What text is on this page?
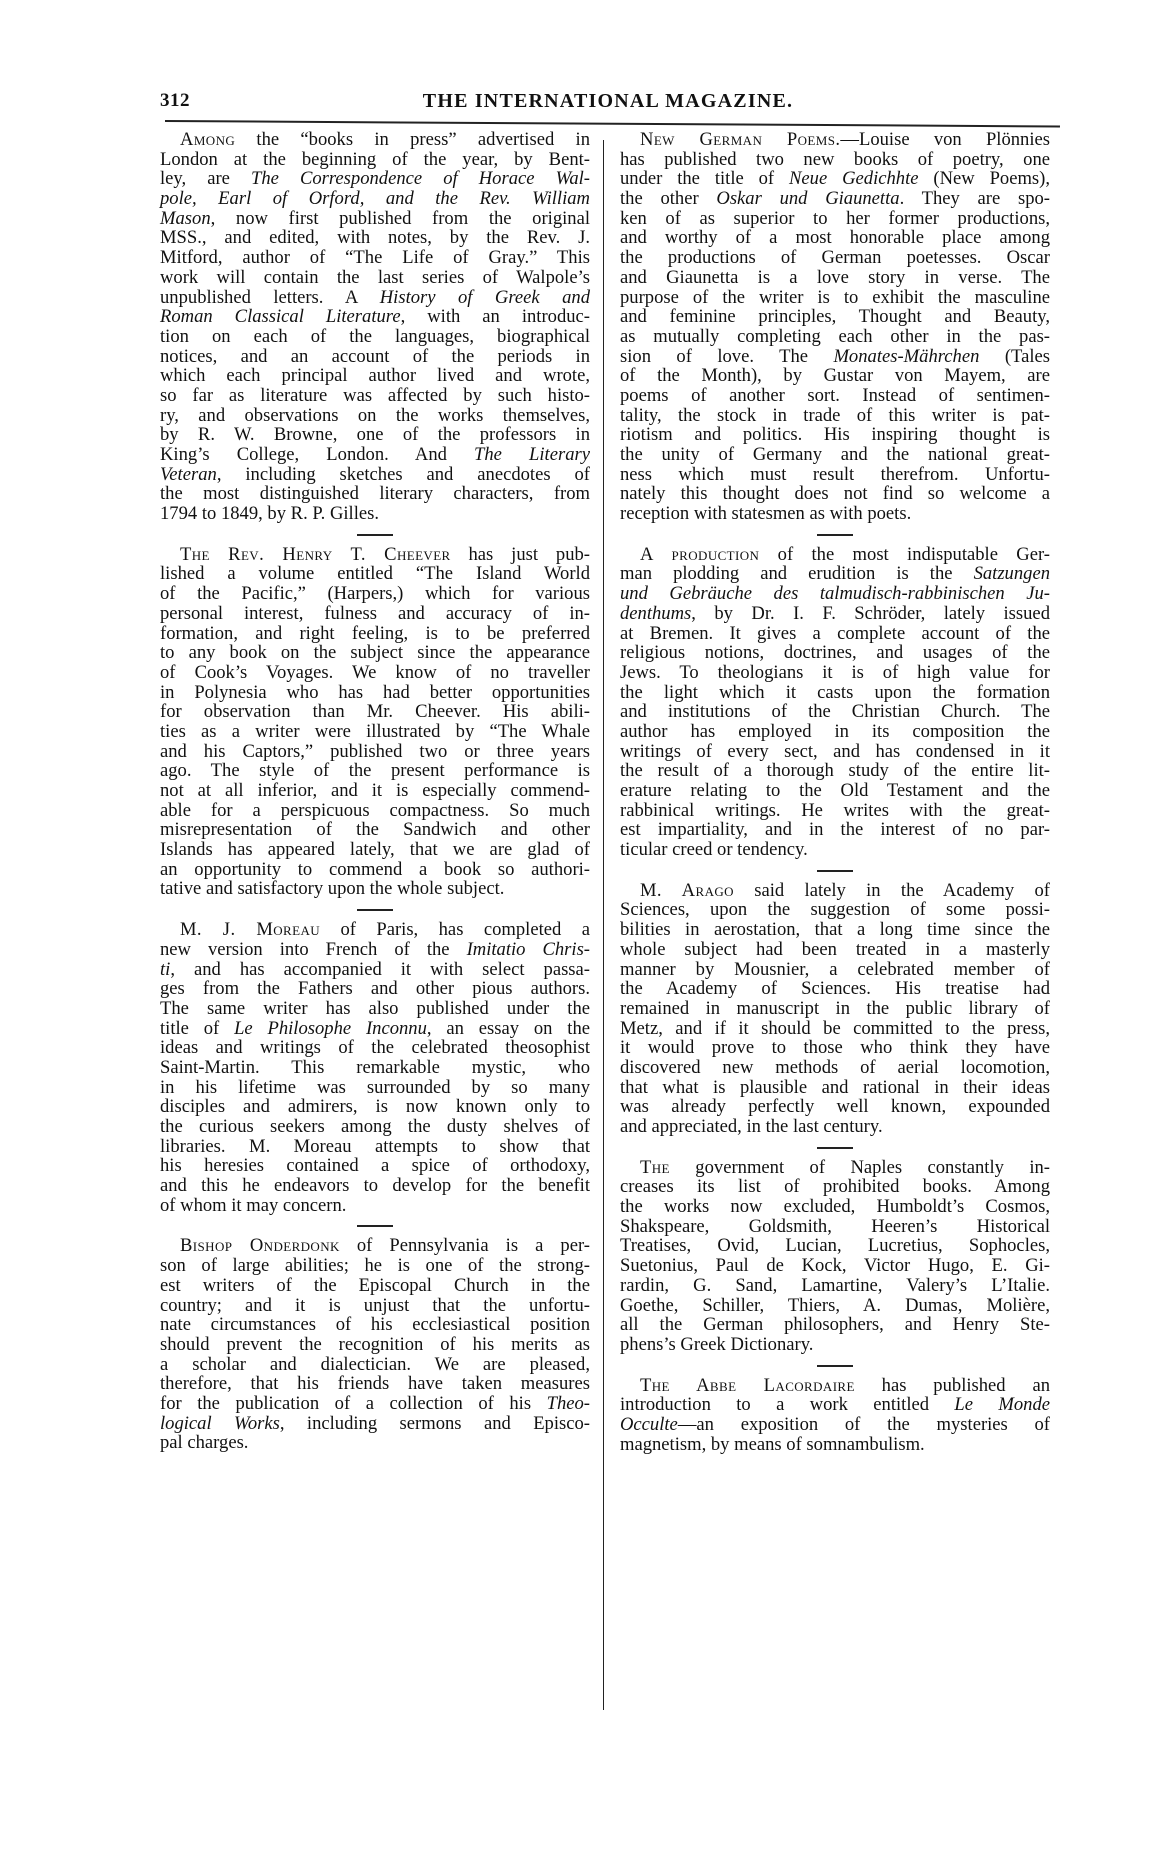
312	THE INTERNATIONAL MAGAZINE.
Among the “books in press” advertised in
London at the beginning of the year, by Bent-
ley, are The Correspondence of Horace Wal-
pole, Earl of Orford, and the Rev. William
Mason, now first published from the original
MSS., and edited, with notes, by the Rev. J.
Mitford, author of “The Life of Gray.” This
work will contain the last series of Walpole’s
unpublished letters. A History of Greek and
Roman Classical Literature, with an introduc-
tion on each of the languages, biographical
notices, and an account of the periods in
which each principal author lived and wrote,
so far as literature was affected by such histo-
ry, and observations on the works themselves,
by R. W. Browne, one of the professors in
King’s College, London. And The Literary
Veteran, including sketches and anecdotes of
the most distinguished literary characters, from
1794 to 1849, by R. P. Gilles.
The Rev. Henry T. Cheever has just pub-
lished a volume entitled “The Island World
of the Pacific,” (Harpers,) which for various
personal interest, fulness and accuracy of in-
formation, and right feeling, is to be preferred
to any book on the subject since the appearance
of Cook’s Voyages. We know of no traveller
in Polynesia who has had better opportunities
for observation than Mr. Cheever. His abili-
ties as a writer were illustrated by “The Whale
and his Captors,” published two or three years
ago. The style of the present performance is
not at all inferior, and it is especially commend-
able for a perspicuous compactness. So much
misrepresentation of the Sandwich and other
Islands has appeared lately, that we are glad of
an opportunity to commend a book so authori-
tative and satisfactory upon the whole subject.
M. J. Moreau of Paris, has completed a
new version into French of the Imitatio Chris-
ti, and has accompanied it with select passa-
ges from the Fathers and other pious authors.
The same writer has also published under the
title of Le Philosophe Inconnu, an essay on the
ideas and writings of the celebrated theosophist
Saint-Martin. This remarkable mystic, who
in his lifetime was surrounded by so many
disciples and admirers, is now known only to
the curious seekers among the dusty shelves of
libraries. M. Moreau attempts to show that
his heresies contained a spice of orthodoxy,
and this he endeavors to develop for the benefit
of whom it may concern.
Bishop Onderdonk of Pennsylvania is a per-
son of large abilities; he is one of the strong-
est writers of the Episcopal Church in the
country; and it is unjust that the unfortu-
nate circumstances of his ecclesiastical position
should prevent the recognition of his merits as
a scholar and dialectician. We are pleased,
therefore, that his friends have taken measures
for the publication of a collection of his Theo-
logical Works, including sermons and Episco-
pal charges.
New German Poems.—Louise von Plönnies
has published two new books of poetry, one
under the title of Neue Gedichhte (New Poems),
the other Oskar und Giaunetta. They are spo-
ken of as superior to her former productions,
and worthy of a most honorable place among
the productions of German poetesses. Oscar
and Giaunetta is a love story in verse. The
purpose of the writer is to exhibit the masculine
and feminine principles, Thought and Beauty,
as mutually completing each other in the pas-
sion of love. The Monates-Mährchen (Tales
of the Month), by Gustar von Mayem, are
poems of another sort. Instead of sentimen-
tality, the stock in trade of this writer is pat-
riotism and politics. His inspiring thought is
the unity of Germany and the national great-
ness which must result therefrom. Unfortu-
nately this thought does not find so welcome a
reception with statesmen as with poets.
A production of the most indisputable Ger-
man plodding and erudition is the Satzungen
und Gebräuche des talmudisch-rabbinischen Ju-
denthums, by Dr. I. F. Schröder, lately issued
at Bremen. It gives a complete account of the
religious notions, doctrines, and usages of the
Jews. To theologians it is of high value for
the light which it casts upon the formation
and institutions of the Christian Church. The
author has employed in its composition the
writings of every sect, and has condensed in it
the result of a thorough study of the entire lit-
erature relating to the Old Testament and the
rabbinical writings. He writes with the great-
est impartiality, and in the interest of no par-
ticular creed or tendency.
M. Arago said lately in the Academy of
Sciences, upon the suggestion of some possi-
bilities in aerostation, that a long time since the
whole subject had been treated in a masterly
manner by Mousnier, a celebrated member of
the Academy of Sciences. His treatise had
remained in manuscript in the public library of
Metz, and if it should be committed to the press,
it would prove to those who think they have
discovered new methods of aerial locomotion,
that what is plausible and rational in their ideas
was already perfectly well known, expounded
and appreciated, in the last century.
The government of Naples constantly in-
creases its list of prohibited books. Among
the works now excluded, Humboldt’s Cosmos,
Shakspeare, Goldsmith, Heeren’s Historical
Treatises, Ovid, Lucian, Lucretius, Sophocles,
Suetonius, Paul de Kock, Victor Hugo, E. Gi-
rardin, G. Sand, Lamartine, Valery’s L’Italie.
Goethe, Schiller, Thiers, A. Dumas, Molière,
all the German philosophers, and Henry Ste-
phens’s Greek Dictionary.
The Abbe Lacordaire has published an
introduction to a work entitled Le Monde
Occulte—an exposition of the mysteries of
magnetism, by means of somnambulism.
